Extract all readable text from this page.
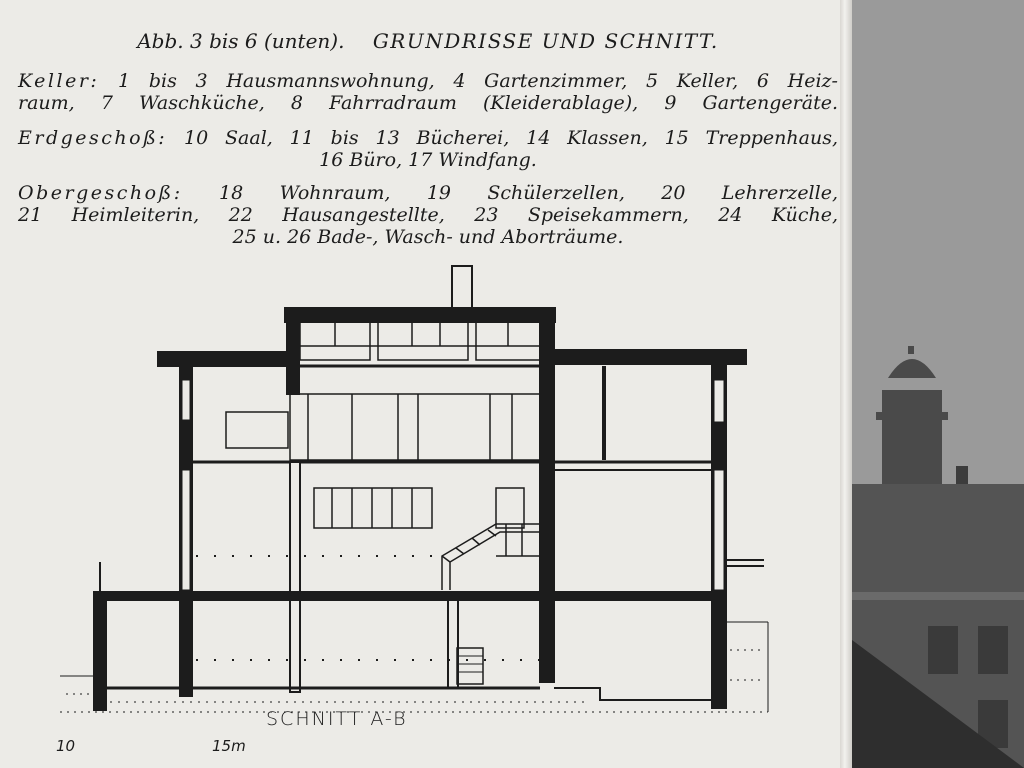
Abb. 3 bis 6 (unten). GRUNDRISSE UND SCHNITT.

Keller: 1 bis 3 Hausmannswohnung, 4 Gartenzimmer, 5 Keller, 6 Heiz-
raum, 7 Waschküche, 8 Fahrradraum (Kleiderablage), 9 Gartengeräte.
Erdgeschoß: 10 Saal, 11 bis 13 Bücherei, 14 Klassen, 15 Treppenhaus,
16 Büro, 17 Windfang.
Obergeschoß: 18 Wohnraum, 19 Schülerzellen, 20 Lehrerzelle,
21 Heimleiterin, 22 Hausangestellte, 23 Speisekammern, 24 Küche,
25 u. 26 Bade-, Wasch- und Aborträume.
SCHNITT A-B
10	15m
